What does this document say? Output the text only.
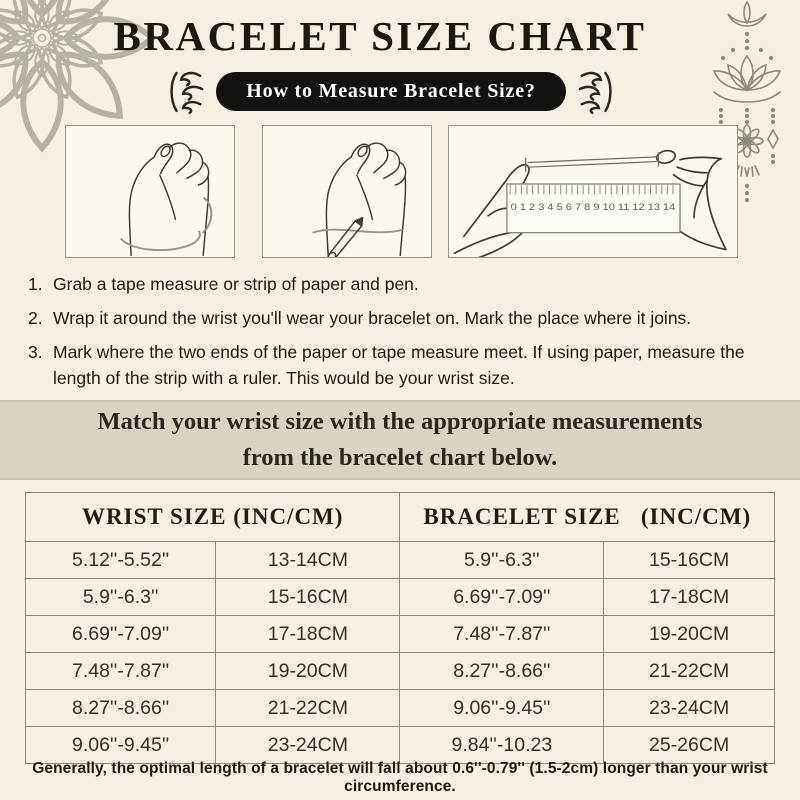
BRACELET SIZE CHART
How to Measure Bracelet Size?
0 1 2 3 4 5 6 7 8 9 10 11 12 13 14
1. Grab a tape measure or strip of paper and pen.
2. Wrap it around the wrist you'll wear your bracelet on. Mark the place where it joins.
3. Mark where the two ends of the paper or tape measure meet. If using paper, measure the length of the strip with a ruler. This would be your wrist size.
Match your wrist size with the appropriate measurements
from the bracelet chart below.
WRIST SIZE (INC/CM)		BRACELET SIZE   (INC/CM)	
5.12''-5.52''	13-14CM	5.9''-6.3''	15-16CM
5.9''-6.3''	15-16CM	6.69''-7.09''	17-18CM
6.69''-7.09''	17-18CM	7.48''-7.87''	19-20CM
7.48''-7.87''	19-20CM	8.27''-8.66''	21-22CM
8.27''-8.66''	21-22CM	9.06''-9.45''	23-24CM
9.06''-9.45''	23-24CM	9.84''-10.23	25-26CM
Generally, the optimal length of a bracelet will fall about 0.6''-0.79'' (1.5-2cm) longer than your wrist circumference.
